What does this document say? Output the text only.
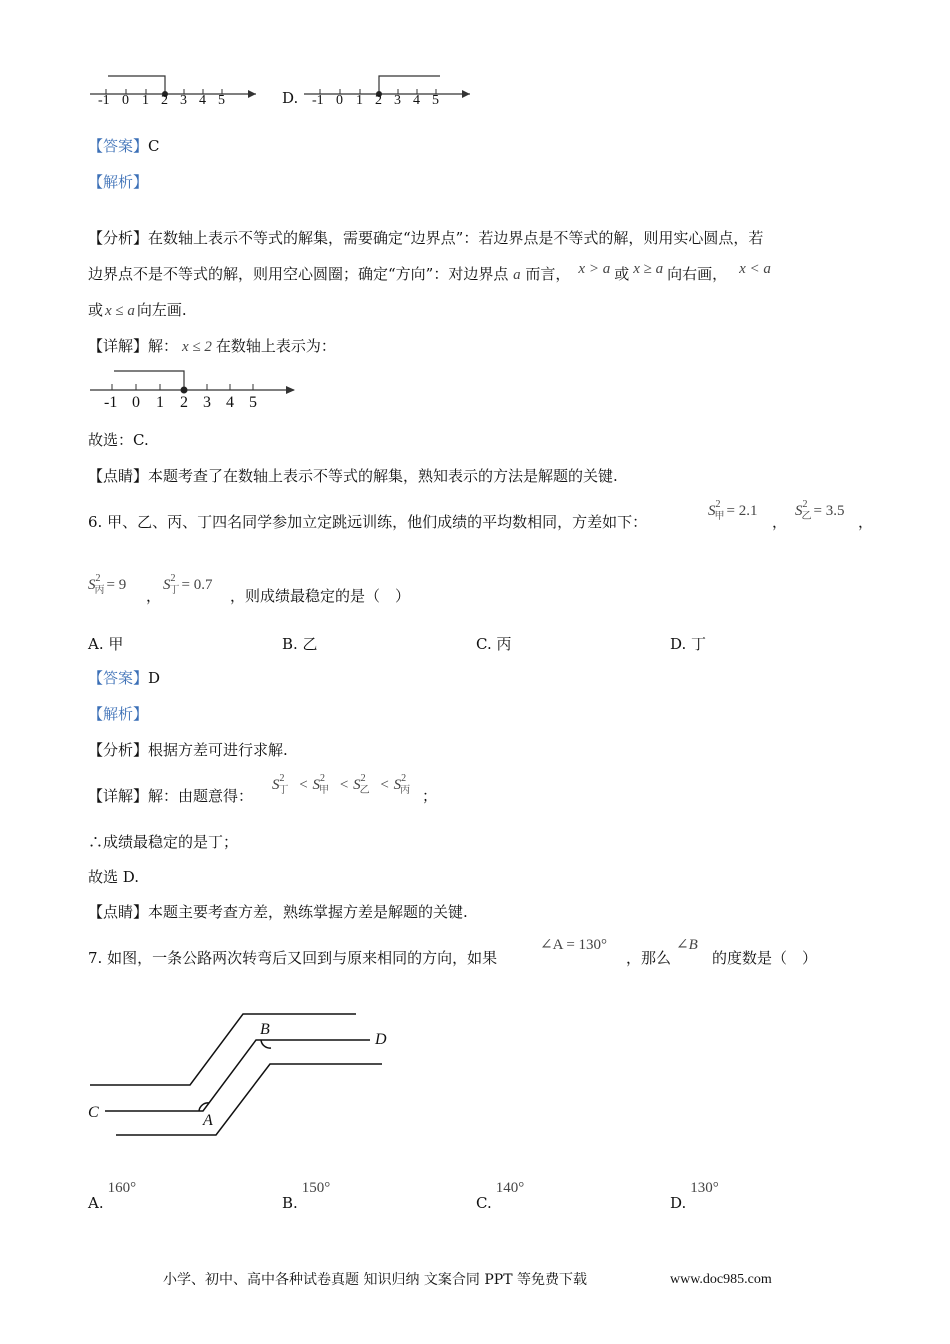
-1 0 1 2 3 4 5	D. -1 0 1 2 3 4 5
【答案】C
【解析】
【分析】在数轴上表示不等式的解集，需要确定“边界点”：若边界点是不等式的解，则用实心圆点，若
边界点不是不等式的解，则用空心圆圈；确定“方向”：对边界点 a 而言， x > a 或 x ≥ a 向右画， x < a
或 x ≤ a 向左画.
【详解】解： x ≤ 2 在数轴上表示为：
-1 0 1 2 3 4 5
故选：C.
【点睛】本题考查了在数轴上表示不等式的解集，熟知表示的方法是解题的关键.
6. 甲、乙、丙、丁四名同学参加立定跳远训练，他们成绩的平均数相同，方差如下：
$S^2_甲 = 2.1$
，
$S^2_乙 = 3.5$
，
$S^2_丙 = 9$
，
$S^2_丁 = 0.7$
，则成绩最稳定的是（　）
A. 甲	B. 乙	C. 丙	D. 丁
【答案】D
【解析】
【分析】根据方差可进行求解.
【详解】解：由题意得：
$S^2_丁 < S^2_甲 < S^2_乙 < S^2_丙$ ；
∴成绩最稳定的是丁；
故选 D.
【点睛】本题主要考查方差，熟练掌握方差是解题的关键.
7. 如图，一条公路两次转弯后又回到与原来相同的方向，如果
∠A = 130°
，那么
∠B
的度数是（　）
B
D
C	A
A.160°
B.150°
C.140°
D.130°
小学、初中、高中各种试卷真题 知识归纳 文案合同 PPT 等免费下载	www.doc985.com
